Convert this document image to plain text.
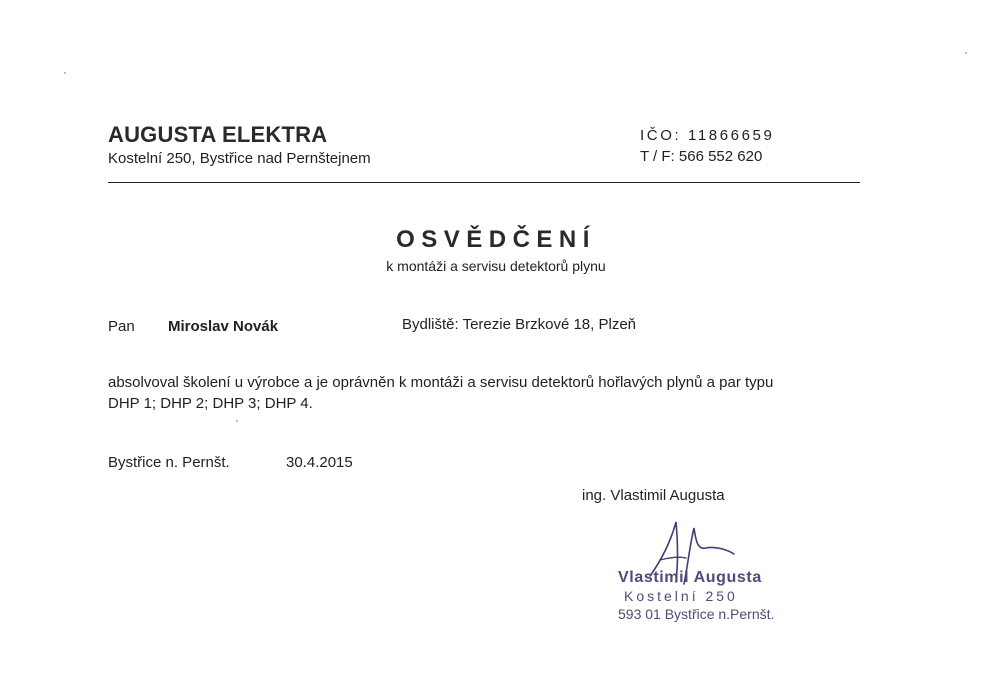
AUGUSTA ELEKTRA
Kostelní 250, Bystřice nad Pernštejnem
IČO: 11866659
T / F: 566 552 620
OSVĚDČENÍ
k montáži a servisu detektorů plynu
Pan Miroslav Novák	Bydliště: Terezie Brzkové 18, Plzeň
absolvoval školení u výrobce a je oprávněn k montáži a servisu detektorů hořlavých plynů a par typu
DHP 1; DHP 2; DHP 3; DHP 4.
Bystřice n. Pernšt.	30.4.2015
ing. Vlastimil Augusta
Vlastimil Augusta
Kostelní 250
593 01 Bystřice n.Pernšt.
